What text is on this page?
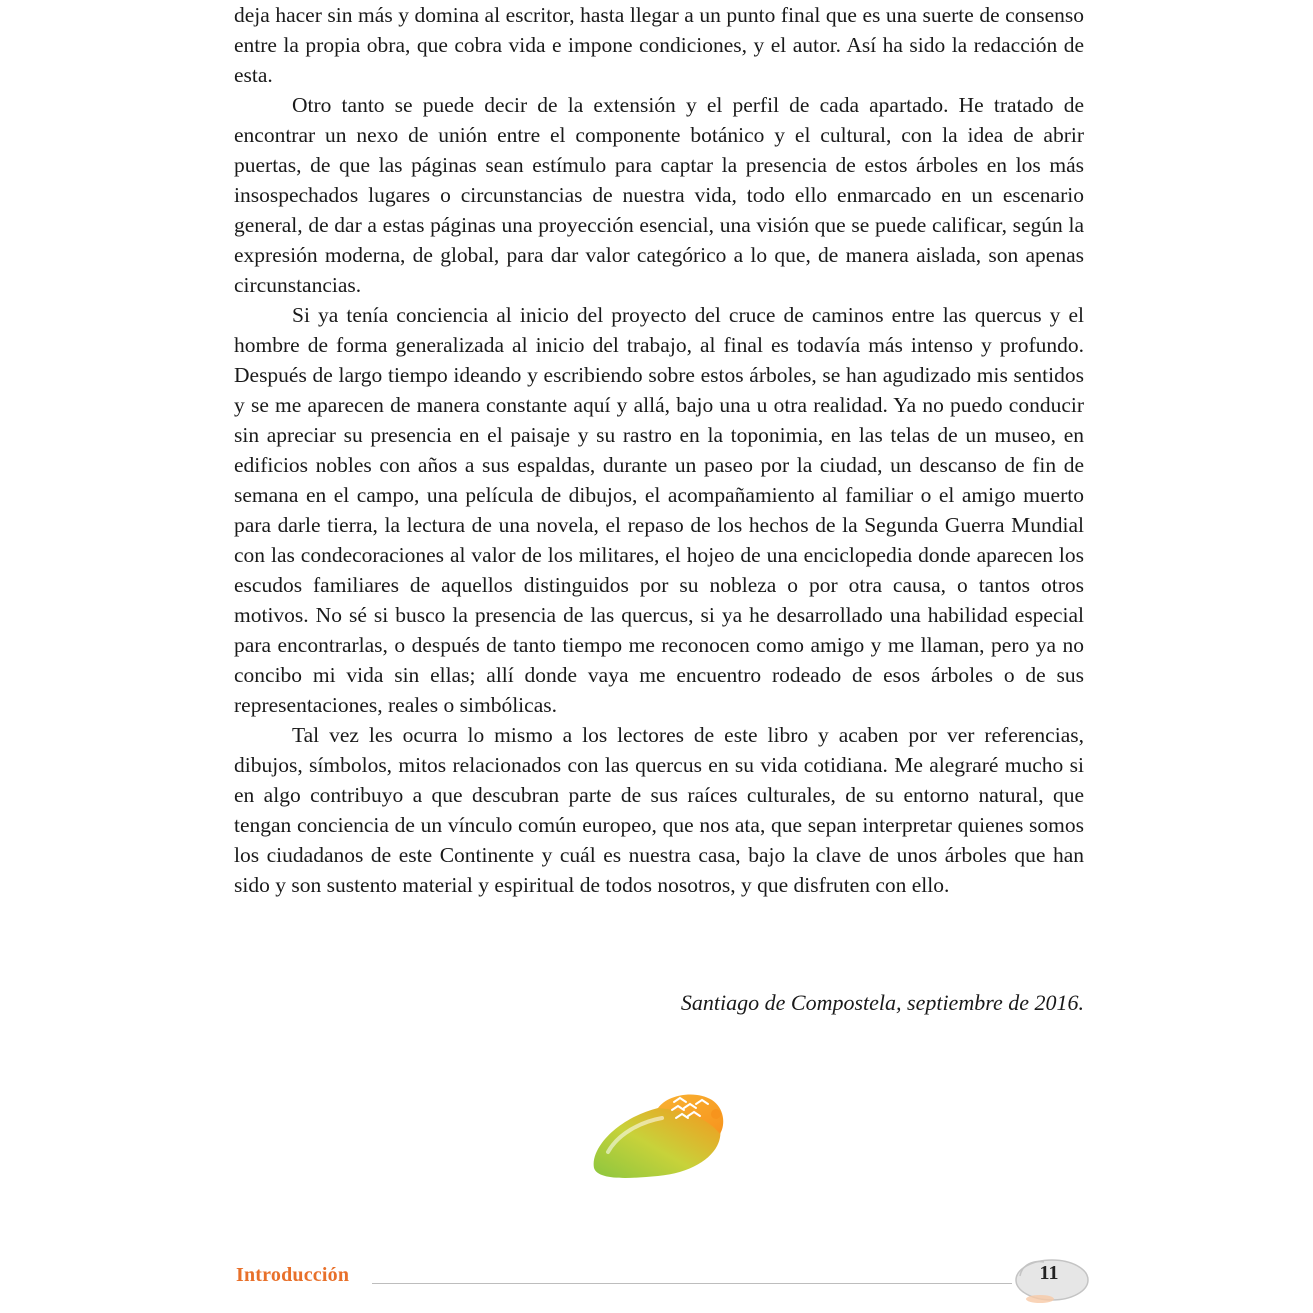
deja hacer sin más y domina al escritor, hasta llegar a un punto final que es una suerte de consenso entre la propia obra, que cobra vida e impone condiciones, y el autor. Así ha sido la redacción de esta.

Otro tanto se puede decir de la extensión y el perfil de cada apartado. He tratado de encontrar un nexo de unión entre el componente botánico y el cultural, con la idea de abrir puertas, de que las páginas sean estímulo para captar la presencia de estos árboles en los más insospechados lugares o circunstancias de nuestra vida, todo ello enmarcado en un escenario general, de dar a estas páginas una proyección esencial, una visión que se puede calificar, según la expresión moderna, de global, para dar valor categórico a lo que, de manera aislada, son apenas circunstancias.

Si ya tenía conciencia al inicio del proyecto del cruce de caminos entre las quercus y el hombre de forma generalizada al inicio del trabajo, al final es todavía más intenso y profundo. Después de largo tiempo ideando y escribiendo sobre estos árboles, se han agudizado mis sentidos y se me aparecen de manera constante aquí y allá, bajo una u otra realidad. Ya no puedo conducir sin apreciar su presencia en el paisaje y su rastro en la toponimia, en las telas de un museo, en edificios nobles con años a sus espaldas, durante un paseo por la ciudad, un descanso de fin de semana en el campo, una película de dibujos, el acompañamiento al familiar o el amigo muerto para darle tierra, la lectura de una novela, el repaso de los hechos de la Segunda Guerra Mundial con las condecoraciones al valor de los militares, el hojeo de una enciclopedia donde aparecen los escudos familiares de aquellos distinguidos por su nobleza o por otra causa, o tantos otros motivos. No sé si busco la presencia de las quercus, si ya he desarrollado una habilidad especial para encontrarlas, o después de tanto tiempo me reconocen como amigo y me llaman, pero ya no concibo mi vida sin ellas; allí donde vaya me encuentro rodeado de esos árboles o de sus representaciones, reales o simbólicas.

Tal vez les ocurra lo mismo a los lectores de este libro y acaben por ver referencias, dibujos, símbolos, mitos relacionados con las quercus en su vida cotidiana. Me alegraré mucho si en algo contribuyo a que descubran parte de sus raíces culturales, de su entorno natural, que tengan conciencia de un vínculo común europeo, que nos ata, que sepan interpretar quienes somos los ciudadanos de este Continente y cuál es nuestra casa, bajo la clave de unos árboles que han sido y son sustento material y espiritual de todos nosotros, y que disfruten con ello.

Santiago de Compostela, septiembre de 2016.
Introducción	11
